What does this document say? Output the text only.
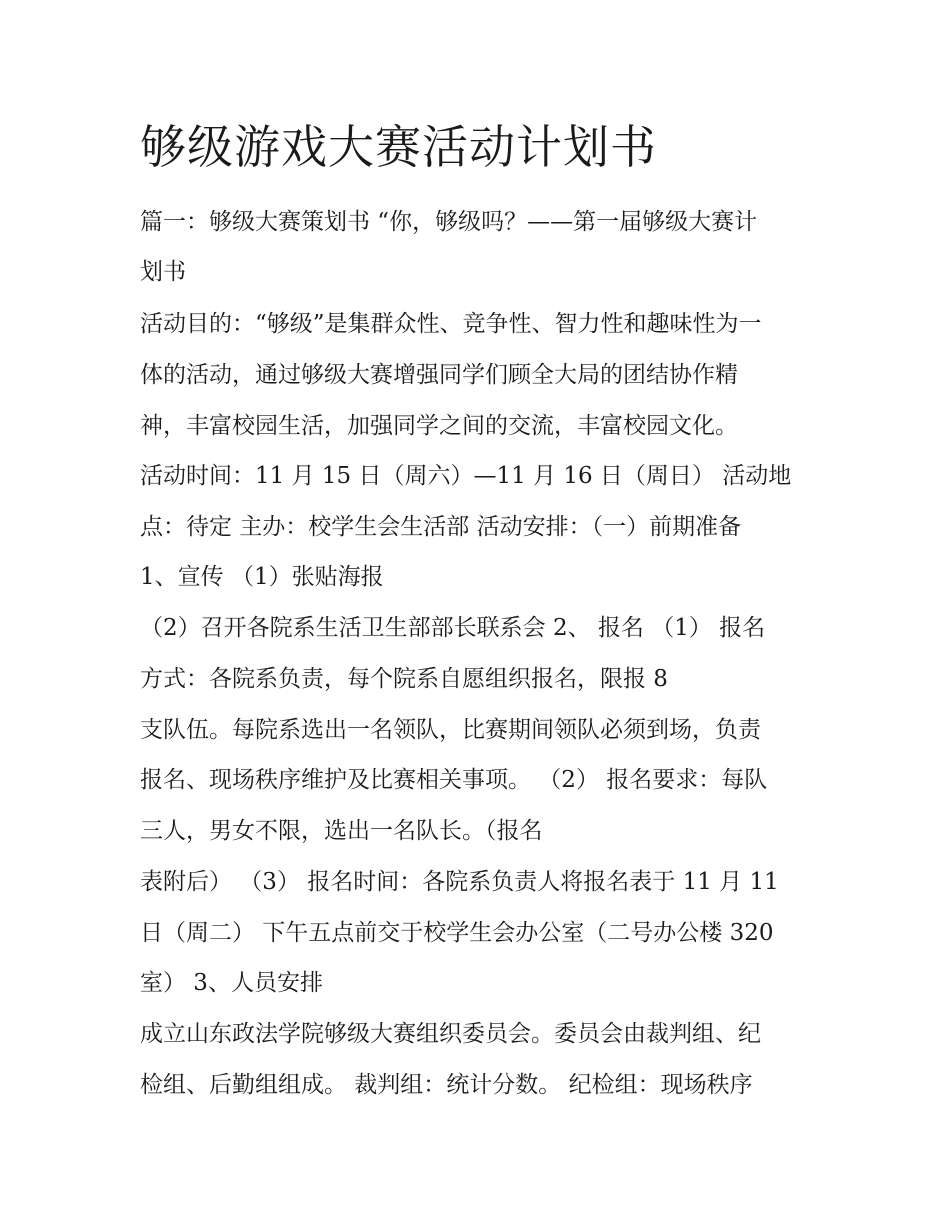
够级游戏大赛活动计划书

篇一：够级大赛策划书 “你，够级吗？——第一届够级大赛计

划书

活动目的：“够级”是集群众性、竞争性、智力性和趣味性为一

体的活动，通过够级大赛增强同学们顾全大局的团结协作精

神，丰富校园生活，加强同学之间的交流，丰富校园文化。

活动时间：11 月 15 日（周六）—11 月 16 日（周日） 活动地

点：待定 主办：校学生会生活部 活动安排：（一）前期准备

1、宣传 （1）张贴海报

（2）召开各院系生活卫生部部长联系会 2、 报名 （1） 报名

方式：各院系负责，每个院系自愿组织报名，限报 8

支队伍。每院系选出一名领队，比赛期间领队必须到场，负责

报名、现场秩序维护及比赛相关事项。 （2） 报名要求：每队

三人，男女不限，选出一名队长。（报名

表附后） （3） 报名时间：各院系负责人将报名表于 11 月 11

日（周二） 下午五点前交于校学生会办公室（二号办公楼 320

室） 3、人员安排

成立山东政法学院够级大赛组织委员会。委员会由裁判组、纪

检组、后勤组组成。 裁判组：统计分数。 纪检组：现场秩序
